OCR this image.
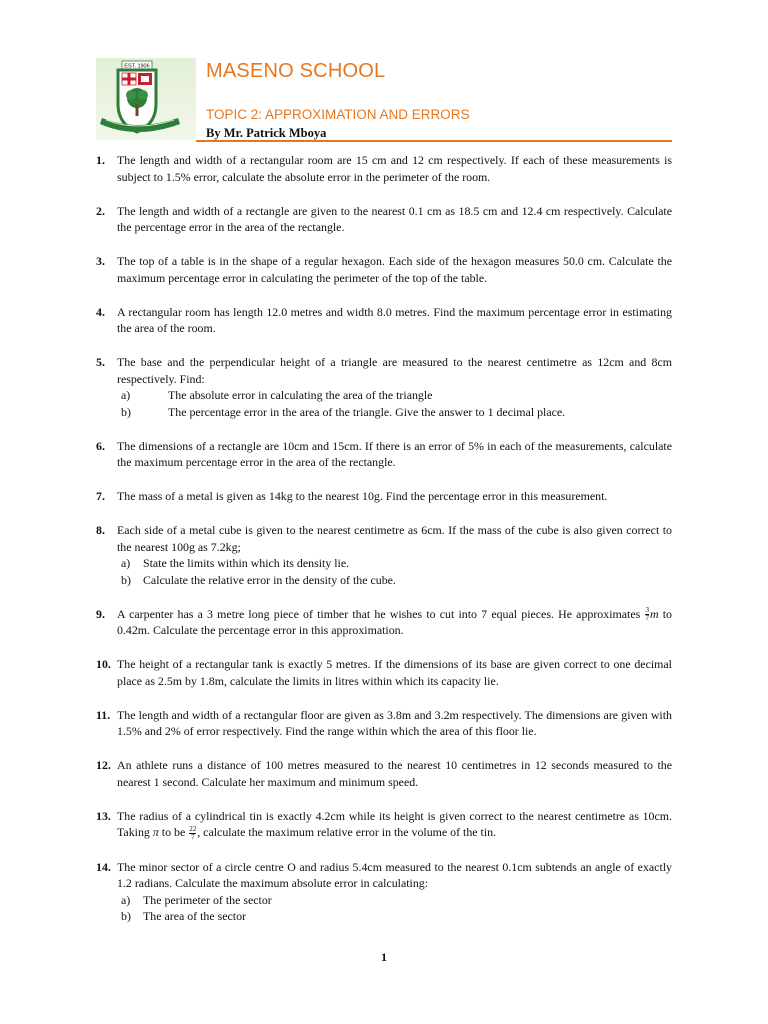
EST. 1906	MASENO SCHOOL
TOPIC 2: APPROXIMATION AND ERRORS
By Mr. Patrick Mboya
1. The length and width of a rectangular room are 15 cm and 12 cm respectively. If each of these measurements is subject to 1.5% error, calculate the absolute error in the perimeter of the room.
2. The length and width of a rectangle are given to the nearest 0.1 cm as 18.5 cm and 12.4 cm respectively. Calculate the percentage error in the area of the rectangle.
3. The top of a table is in the shape of a regular hexagon. Each side of the hexagon measures 50.0 cm. Calculate the maximum percentage error in calculating the perimeter of the top of the table.
4. A rectangular room has length 12.0 metres and width 8.0 metres. Find the maximum percentage error in estimating the area of the room.
5. The base and the perpendicular height of a triangle are measured to the nearest centimetre as 12cm and 8cm respectively. Find:
a)	The absolute error in calculating the area of the triangle
b)	The percentage error in the area of the triangle. Give the answer to 1 decimal place.
6. The dimensions of a rectangle are 10cm and 15cm. If there is an error of 5% in each of the measurements, calculate the maximum percentage error in the area of the rectangle.
7. The mass of a metal is given as 14kg to the nearest 10g. Find the percentage error in this measurement.
8. Each side of a metal cube is given to the nearest centimetre as 6cm. If the mass of the cube is also given correct to the nearest 100g as 7.2kg;
a) State the limits within which its density lie.
b) Calculate the relative error in the density of the cube.
9. A carpenter has a 3 metre long piece of timber that he wishes to cut into 7 equal pieces. He approximates $\frac{3}{7}$ m to 0.42m. Calculate the percentage error in this approximation.
10. The height of a rectangular tank is exactly 5 metres. If the dimensions of its base are given correct to one decimal place as 2.5m by 1.8m, calculate the limits in litres within which its capacity lie.
11. The length and width of a rectangular floor are given as 3.8m and 3.2m respectively. The dimensions are given with 1.5% and 2% of error respectively. Find the range within which the area of this floor lie.
12. An athlete runs a distance of 100 metres measured to the nearest 10 centimetres in 12 seconds measured to the nearest 1 second. Calculate her maximum and minimum speed.
13. The radius of a cylindrical tin is exactly 4.2cm while its height is given correct to the nearest centimetre as 10cm. Taking π to be $\frac{22}{7}$ , calculate the maximum relative error in the volume of the tin.
14. The minor sector of a circle centre O and radius 5.4cm measured to the nearest 0.1cm subtends an angle of exactly 1.2 radians. Calculate the maximum absolute error in calculating:
a) The perimeter of the sector
b) The area of the sector
1
